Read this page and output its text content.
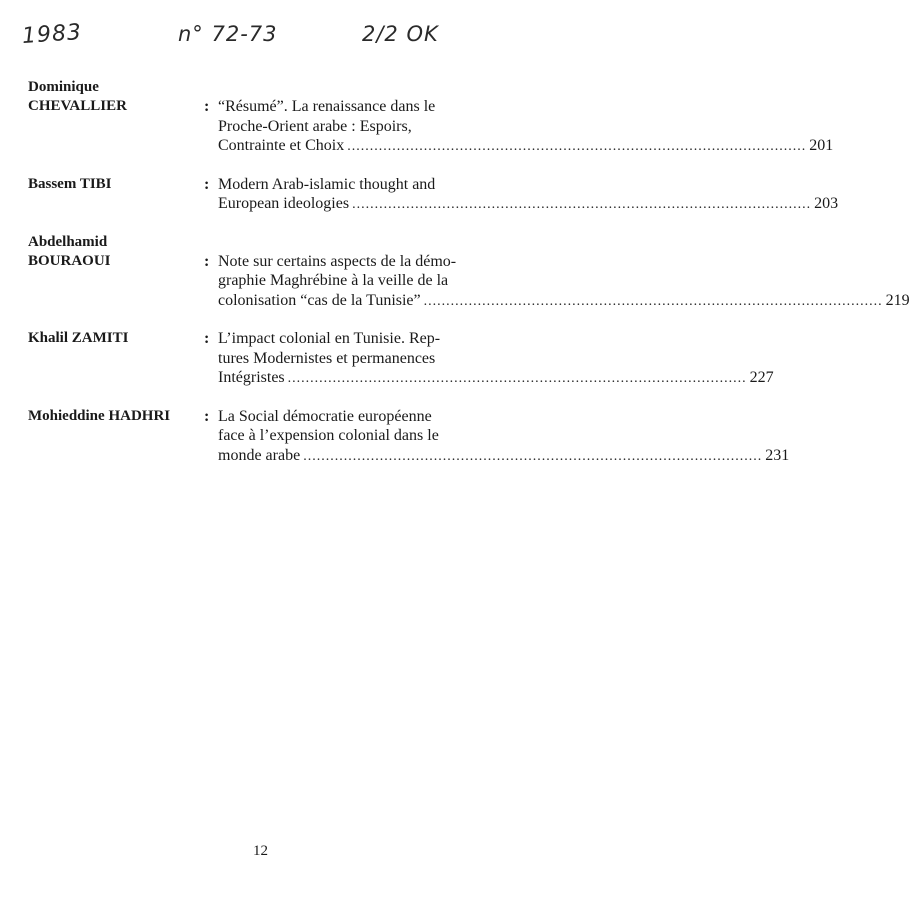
1983	n° 72-73	2/2 OK
Dominique
CHEVALLIER	: “Résumé”. La renaissance dans le
Proche-Orient arabe : Espoirs,
Contrainte et Choix .....	201
Bassem TIBI	: Modern Arab-islamic thought and
European ideologies .....	203
Abdelhamid
BOURAOUI	: Note sur certains aspects de la démo-
graphie Maghrébine à la veille de la
colonisation “cas de la Tunisie” .....	219
Khalil ZAMITI	: L’impact colonial en Tunisie. Rep-
tures Modernistes et permanences
Intégristes .....	227
Mohieddine HADHRI	: La Social démocratie européenne
face à l’expension colonial dans le
monde arabe .....	231
12
